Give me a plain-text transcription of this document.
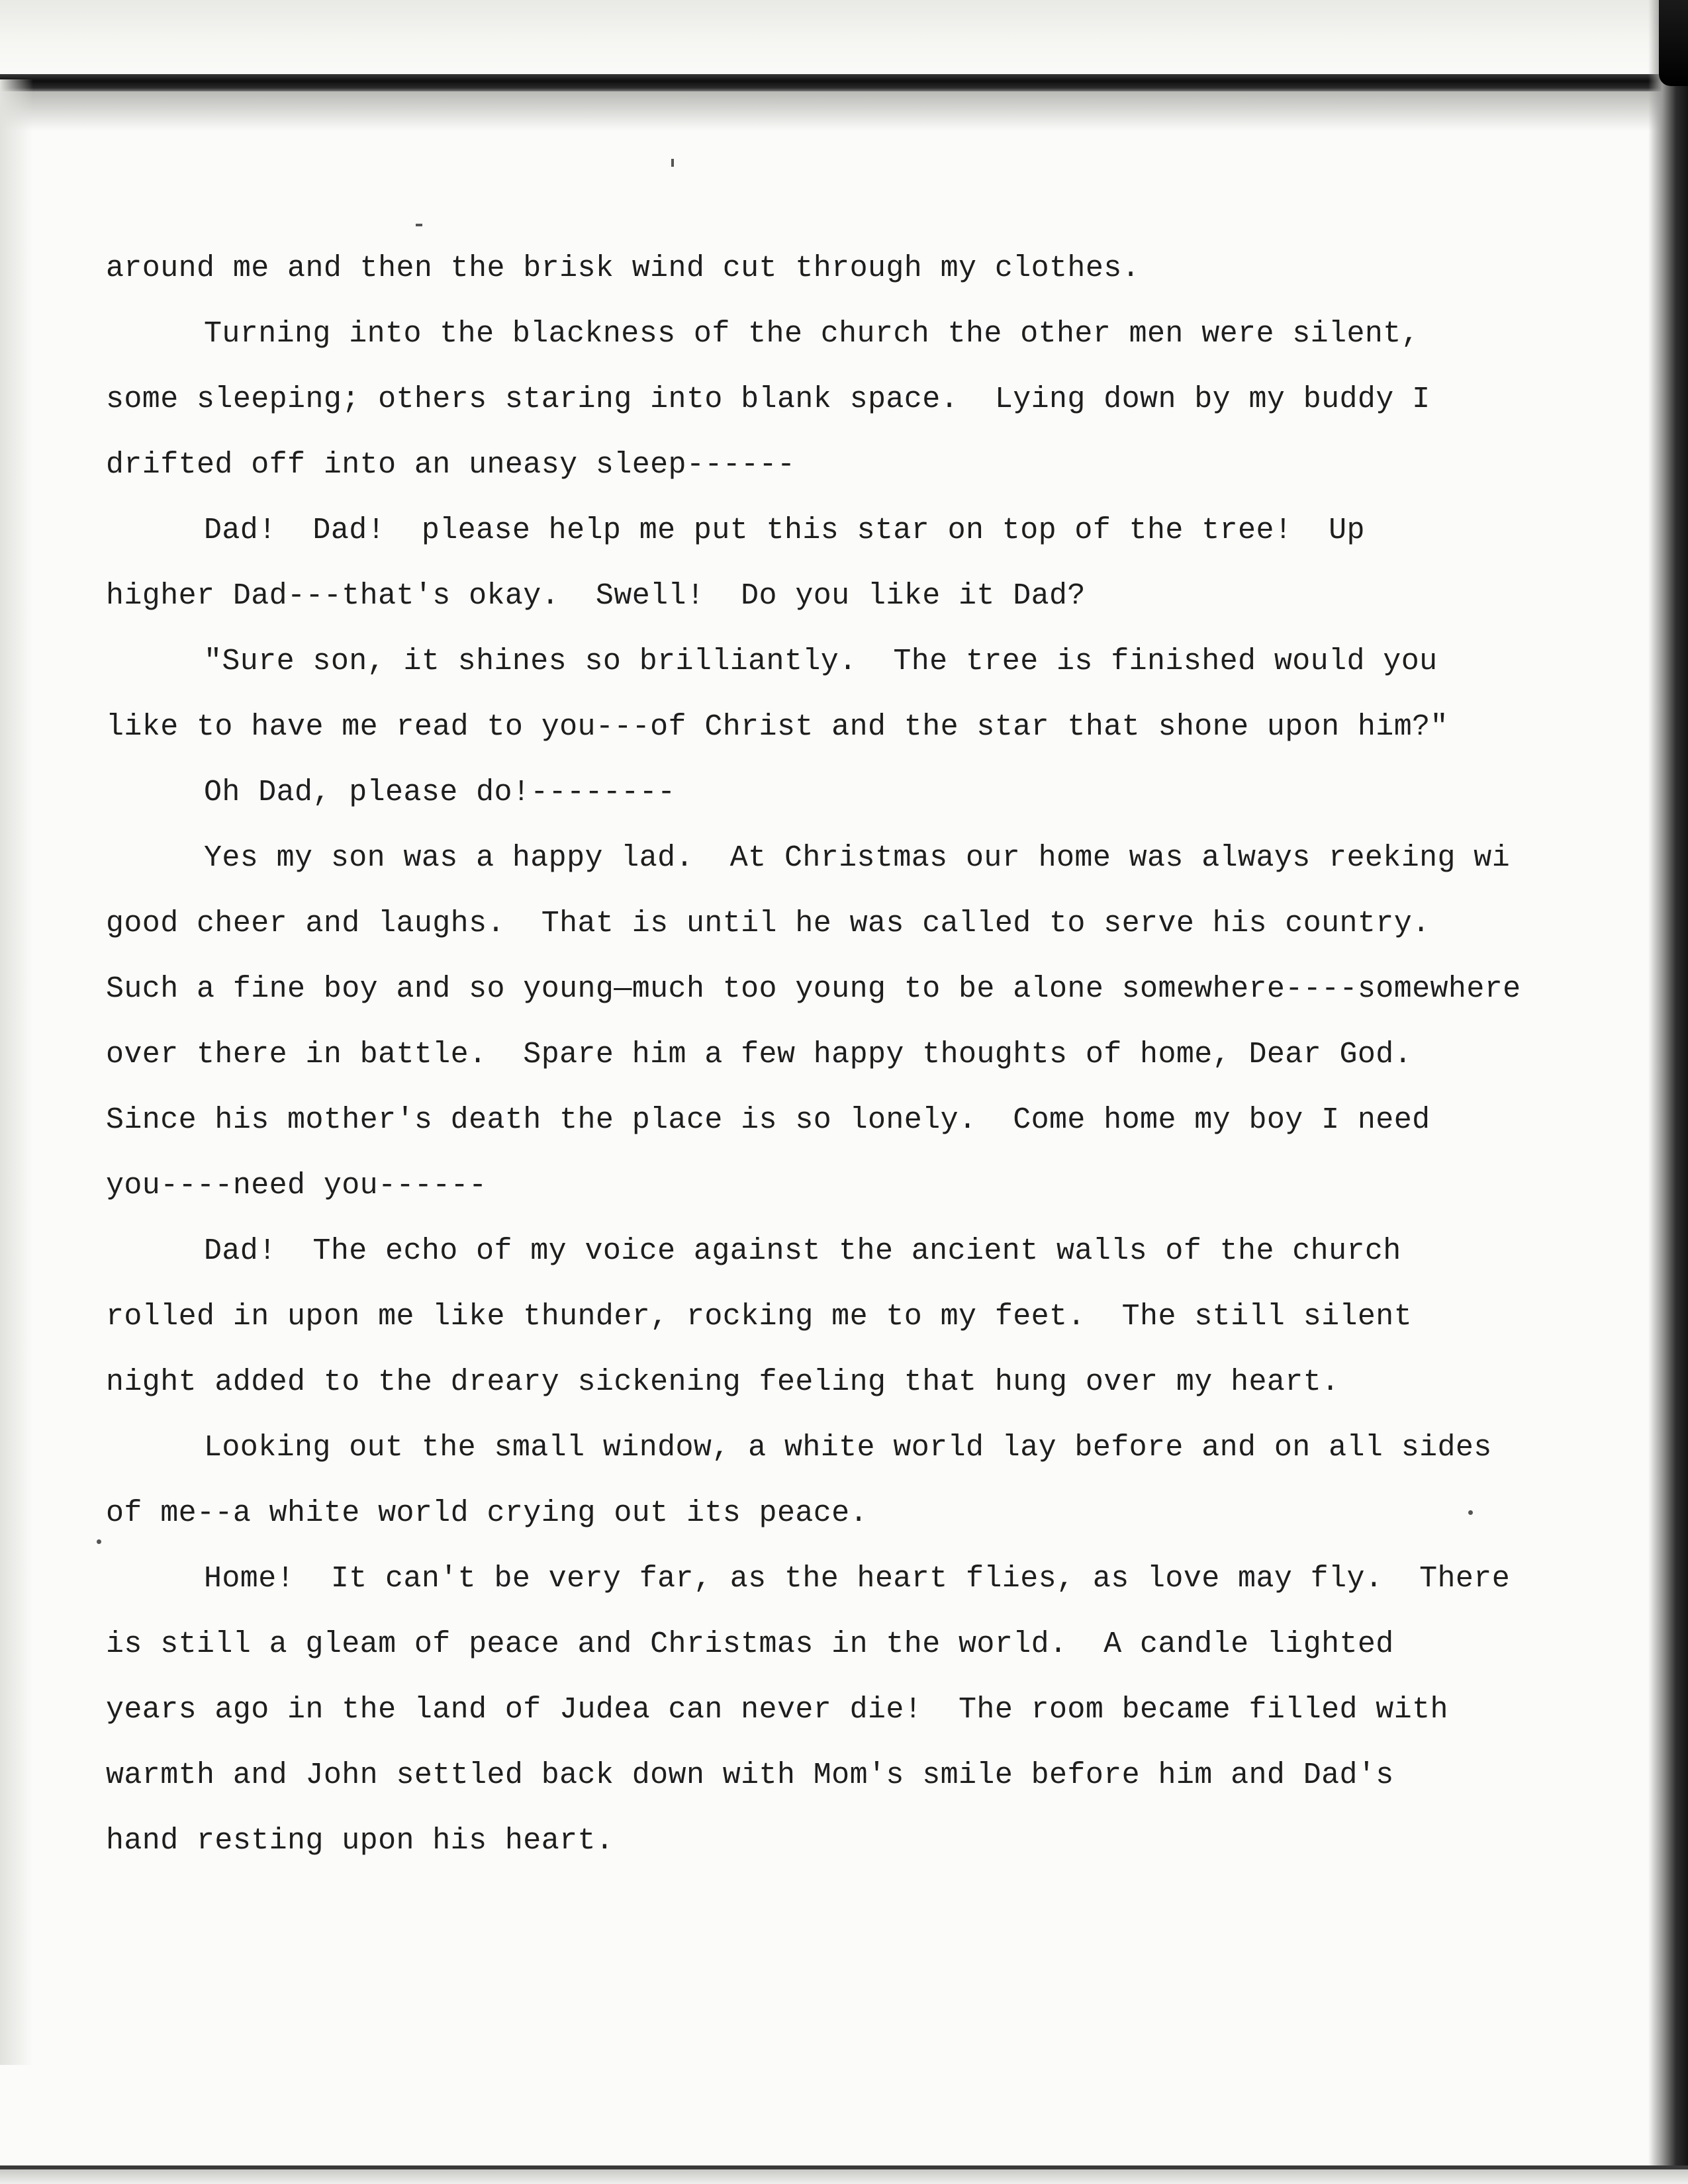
around me and then the brisk wind cut through my clothes.
Turning into the blackness of the church the other men were silent,
some sleeping; others staring into blank space.  Lying down by my buddy I
drifted off into an uneasy sleep------
Dad!  Dad!  please help me put this star on top of the tree!  Up
higher Dad---that's okay.  Swell!  Do you like it Dad?
"Sure son, it shines so brilliantly.  The tree is finished would you
like to have me read to you---of Christ and the star that shone upon him?"
Oh Dad, please do!--------
Yes my son was a happy lad.  At Christmas our home was always reeking wi
good cheer and laughs.  That is until he was called to serve his country.
Such a fine boy and so young—much too young to be alone somewhere----somewhere
over there in battle.  Spare him a few happy thoughts of home, Dear God.
Since his mother's death the place is so lonely.  Come home my boy I need
you----need you------
Dad!  The echo of my voice against the ancient walls of the church
rolled in upon me like thunder, rocking me to my feet.  The still silent
night added to the dreary sickening feeling that hung over my heart.
Looking out the small window, a white world lay before and on all sides
of me--a white world crying out its peace.
Home!  It can't be very far, as the heart flies, as love may fly.  There
is still a gleam of peace and Christmas in the world.  A candle lighted
years ago in the land of Judea can never die!  The room became filled with
warmth and John settled back down with Mom's smile before him and Dad's
hand resting upon his heart.
